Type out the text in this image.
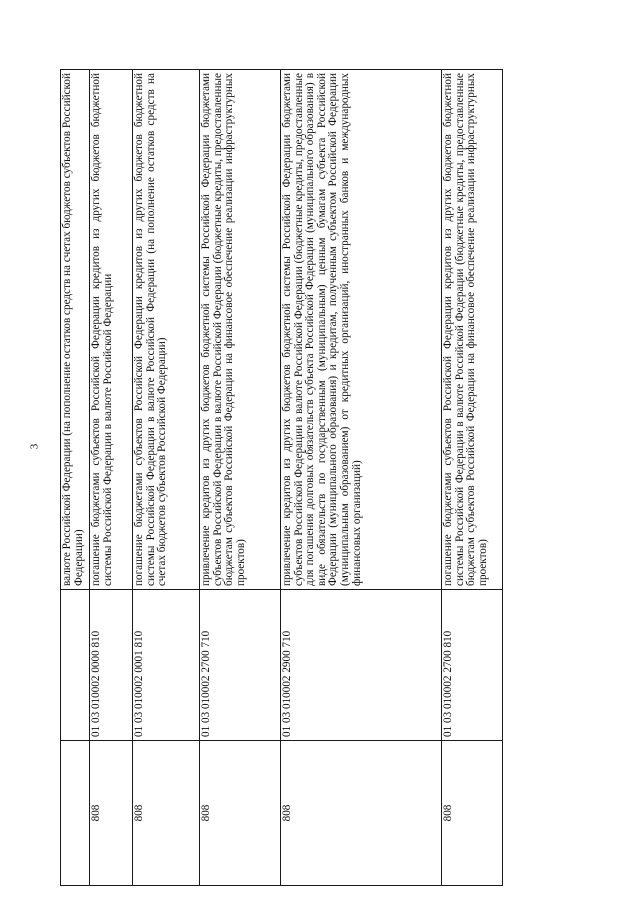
3
		валюте Российской Федерации (на пополнение остатков средств на счетах бюджетов субъектов Российской Федерации)
808	01 03 010002 0000 810	погашение бюджетами субъектов Российской Федерации кредитов из других бюджетов бюджетной системы Российской Федерации в валюте Российской Федерации
808	01 03 010002 0001 810	погашение бюджетами субъектов Российской Федерации кредитов из других бюджетов бюджетной системы Российской Федерации в валюте Российской Федерации (на пополнение остатков средств на счетах бюджетов субъектов Российской Федерации)
808	01 03 010002 2700 710	привлечение кредитов из других бюджетов бюджетной системы Российской Федерации бюджетами субъектов Российской Федерации в валюте Российской Федерации (бюджетные кредиты, предоставленные бюджетам субъектов Российской Федерации на финансовое обеспечение реализации инфраструктурных проектов)
808	01 03 010002 2900 710	привлечение кредитов из других бюджетов бюджетной системы Российской Федерации бюджетами субъектов Российской Федерации в валюте Российской Федерации (бюджетные кредиты, предоставленные для погашения долговых обязательств субъекта Российской Федерации (муниципального образования) в виде обязательств по государственным (муниципальным) ценным бумагам субъекта Российской Федерации (муниципального образования) и кредитам, полученным субъектом Российской Федерации (муниципальным образованием) от кредитных организаций, иностранных банков и международных финансовых организаций)
808	01 03 010002 2700 810	погашение бюджетами субъектов Российской Федерации кредитов из других бюджетов бюджетной системы Российской Федерации в валюте Российской Федерации (бюджетные кредиты, предоставленные бюджетам субъектов Российской Федерации на финансовое обеспечение реализации инфраструктурных проектов)
